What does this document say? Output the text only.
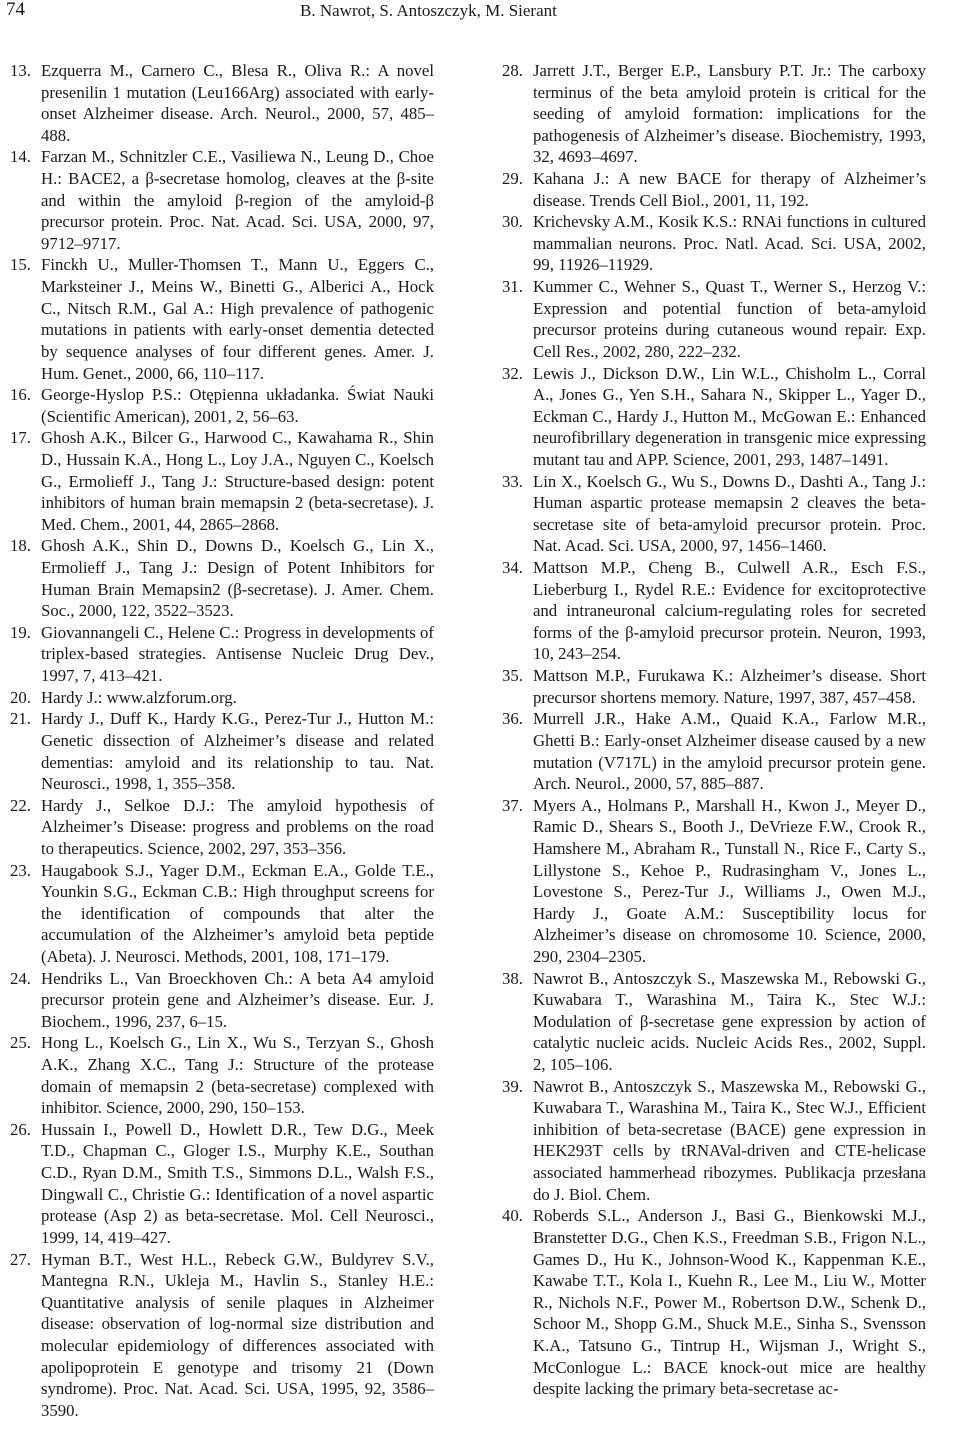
74	B. Nawrot, S. Antoszczyk, M. Sierant
13. Ezquerra M., Carnero C., Blesa R., Oliva R.: A novel presenilin 1 mutation (Leu166Arg) associated with early-onset Alzheimer disease. Arch. Neurol., 2000, 57, 485–488.
14. Farzan M., Schnitzler C.E., Vasiliewa N., Leung D., Choe H.: BACE2, a β-secretase homolog, cleaves at the β-site and within the amyloid β-region of the amyloid-β precursor protein. Proc. Nat. Acad. Sci. USA, 2000, 97, 9712–9717.
15. Finckh U., Muller-Thomsen T., Mann U., Eggers C., Marksteiner J., Meins W., Binetti G., Alberici A., Hock C., Nitsch R.M., Gal A.: High prevalence of pathogenic mutations in patients with early-onset dementia detected by sequence analyses of four different genes. Amer. J. Hum. Genet., 2000, 66, 110–117.
16. George-Hyslop P.S.: Otępienna układanka. Świat Nauki (Scientific American), 2001, 2, 56–63.
17. Ghosh A.K., Bilcer G., Harwood C., Kawahama R., Shin D., Hussain K.A., Hong L., Loy J.A., Nguyen C., Koelsch G., Ermolieff J., Tang J.: Structure-based design: potent inhibitors of human brain memapsin 2 (beta-secretase). J. Med. Chem., 2001, 44, 2865–2868.
18. Ghosh A.K., Shin D., Downs D., Koelsch G., Lin X., Ermolieff J., Tang J.: Design of Potent Inhibitors for Human Brain Memapsin2 (β-secretase). J. Amer. Chem. Soc., 2000, 122, 3522–3523.
19. Giovannangeli C., Helene C.: Progress in developments of triplex-based strategies. Antisense Nucleic Drug Dev., 1997, 7, 413–421.
20. Hardy J.: www.alzforum.org.
21. Hardy J., Duff K., Hardy K.G., Perez-Tur J., Hutton M.: Genetic dissection of Alzheimer’s disease and related dementias: amyloid and its relationship to tau. Nat. Neurosci., 1998, 1, 355–358.
22. Hardy J., Selkoe D.J.: The amyloid hypothesis of Alzheimer’s Disease: progress and problems on the road to therapeutics. Science, 2002, 297, 353–356.
23. Haugabook S.J., Yager D.M., Eckman E.A., Golde T.E., Younkin S.G., Eckman C.B.: High throughput screens for the identification of compounds that alter the accumulation of the Alzheimer’s amyloid beta peptide (Abeta). J. Neurosci. Methods, 2001, 108, 171–179.
24. Hendriks L., Van Broeckhoven Ch.: A beta A4 amyloid precursor protein gene and Alzheimer’s disease. Eur. J. Biochem., 1996, 237, 6–15.
25. Hong L., Koelsch G., Lin X., Wu S., Terzyan S., Ghosh A.K., Zhang X.C., Tang J.: Structure of the protease domain of memapsin 2 (beta-secretase) complexed with inhibitor. Science, 2000, 290, 150–153.
26. Hussain I., Powell D., Howlett D.R., Tew D.G., Meek T.D., Chapman C., Gloger I.S., Murphy K.E., Southan C.D., Ryan D.M., Smith T.S., Simmons D.L., Walsh F.S., Dingwall C., Christie G.: Identification of a novel aspartic protease (Asp 2) as beta-secretase. Mol. Cell Neurosci., 1999, 14, 419–427.
27. Hyman B.T., West H.L., Rebeck G.W., Buldyrev S.V., Mantegna R.N., Ukleja M., Havlin S., Stanley H.E.: Quantitative analysis of senile plaques in Alzheimer disease: observation of log-normal size distribution and molecular epidemiology of differences associated with apolipoprotein E genotype and trisomy 21 (Down syndrome). Proc. Nat. Acad. Sci. USA, 1995, 92, 3586–3590.
28. Jarrett J.T., Berger E.P., Lansbury P.T. Jr.: The carboxy terminus of the beta amyloid protein is critical for the seeding of amyloid formation: implications for the pathogenesis of Alzheimer’s disease. Biochemistry, 1993, 32, 4693–4697.
29. Kahana J.: A new BACE for therapy of Alzheimer’s disease. Trends Cell Biol., 2001, 11, 192.
30. Krichevsky A.M., Kosik K.S.: RNAi functions in cultured mammalian neurons. Proc. Natl. Acad. Sci. USA, 2002, 99, 11926–11929.
31. Kummer C., Wehner S., Quast T., Werner S., Herzog V.: Expression and potential function of beta-amyloid precursor proteins during cutaneous wound repair. Exp. Cell Res., 2002, 280, 222–232.
32. Lewis J., Dickson D.W., Lin W.L., Chisholm L., Corral A., Jones G., Yen S.H., Sahara N., Skipper L., Yager D., Eckman C., Hardy J., Hutton M., McGowan E.: Enhanced neurofibrillary degeneration in transgenic mice expressing mutant tau and APP. Science, 2001, 293, 1487–1491.
33. Lin X., Koelsch G., Wu S., Downs D., Dashti A., Tang J.: Human aspartic protease memapsin 2 cleaves the beta-secretase site of beta-amyloid precursor protein. Proc. Nat. Acad. Sci. USA, 2000, 97, 1456–1460.
34. Mattson M.P., Cheng B., Culwell A.R., Esch F.S., Lieberburg I., Rydel R.E.: Evidence for excitoprotective and intraneuronal calcium-regulating roles for secreted forms of the β-amyloid precursor protein. Neuron, 1993, 10, 243–254.
35. Mattson M.P., Furukawa K.: Alzheimer’s disease. Short precursor shortens memory. Nature, 1997, 387, 457–458.
36. Murrell J.R., Hake A.M., Quaid K.A., Farlow M.R., Ghetti B.: Early-onset Alzheimer disease caused by a new mutation (V717L) in the amyloid precursor protein gene. Arch. Neurol., 2000, 57, 885–887.
37. Myers A., Holmans P., Marshall H., Kwon J., Meyer D., Ramic D., Shears S., Booth J., DeVrieze F.W., Crook R., Hamshere M., Abraham R., Tunstall N., Rice F., Carty S., Lillystone S., Kehoe P., Rudrasingham V., Jones L., Lovestone S., Perez-Tur J., Williams J., Owen M.J., Hardy J., Goate A.M.: Susceptibility locus for Alzheimer’s disease on chromosome 10. Science, 2000, 290, 2304–2305.
38. Nawrot B., Antoszczyk S., Maszewska M., Rebowski G., Kuwabara T., Warashina M., Taira K., Stec W.J.: Modulation of β-secretase gene expression by action of catalytic nucleic acids. Nucleic Acids Res., 2002, Suppl. 2, 105–106.
39. Nawrot B., Antoszczyk S., Maszewska M., Rebowski G., Kuwabara T., Warashina M., Taira K., Stec W.J., Efficient inhibition of beta-secretase (BACE) gene expression in HEK293T cells by tRNAVal-driven and CTE-helicase associated hammerhead ribozymes. Publikacja przesłana do J. Biol. Chem.
40. Roberds S.L., Anderson J., Basi G., Bienkowski M.J., Branstetter D.G., Chen K.S., Freedman S.B., Frigon N.L., Games D., Hu K., Johnson-Wood K., Kappenman K.E., Kawabe T.T., Kola I., Kuehn R., Lee M., Liu W., Motter R., Nichols N.F., Power M., Robertson D.W., Schenk D., Schoor M., Shopp G.M., Shuck M.E., Sinha S., Svensson K.A., Tatsuno G., Tintrup H., Wijsman J., Wright S., McConlogue L.: BACE knock-out mice are healthy despite lacking the primary beta-secretase ac-
